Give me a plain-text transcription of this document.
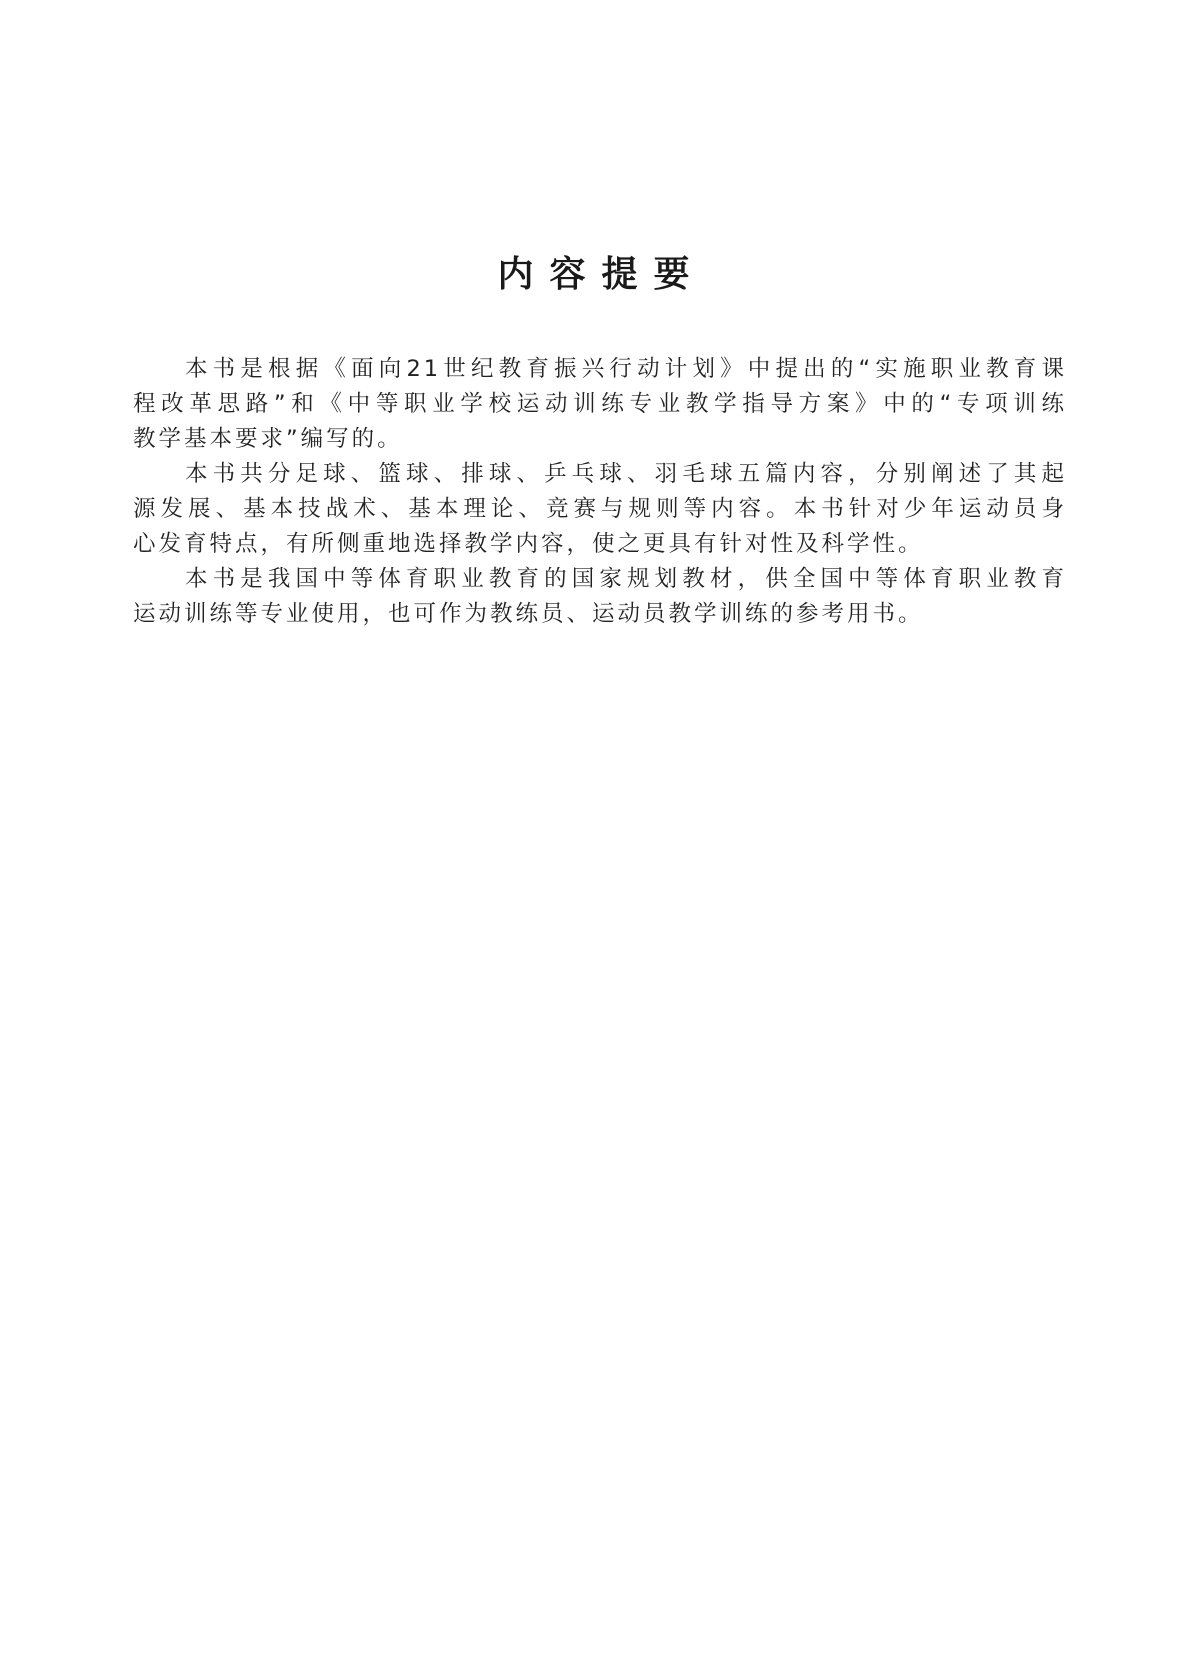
内容提要

本书是根据《面向21世纪教育振兴行动计划》中提出的“实施职业教育课
程改革思路”和《中等职业学校运动训练专业教学指导方案》中的“专项训练
教学基本要求”编写的。

本书共分足球、篮球、排球、乒乓球、羽毛球五篇内容，分别阐述了其起
源发展、基本技战术、基本理论、竞赛与规则等内容。本书针对少年运动员身
心发育特点，有所侧重地选择教学内容，使之更具有针对性及科学性。

本书是我国中等体育职业教育的国家规划教材，供全国中等体育职业教育
运动训练等专业使用，也可作为教练员、运动员教学训练的参考用书。
